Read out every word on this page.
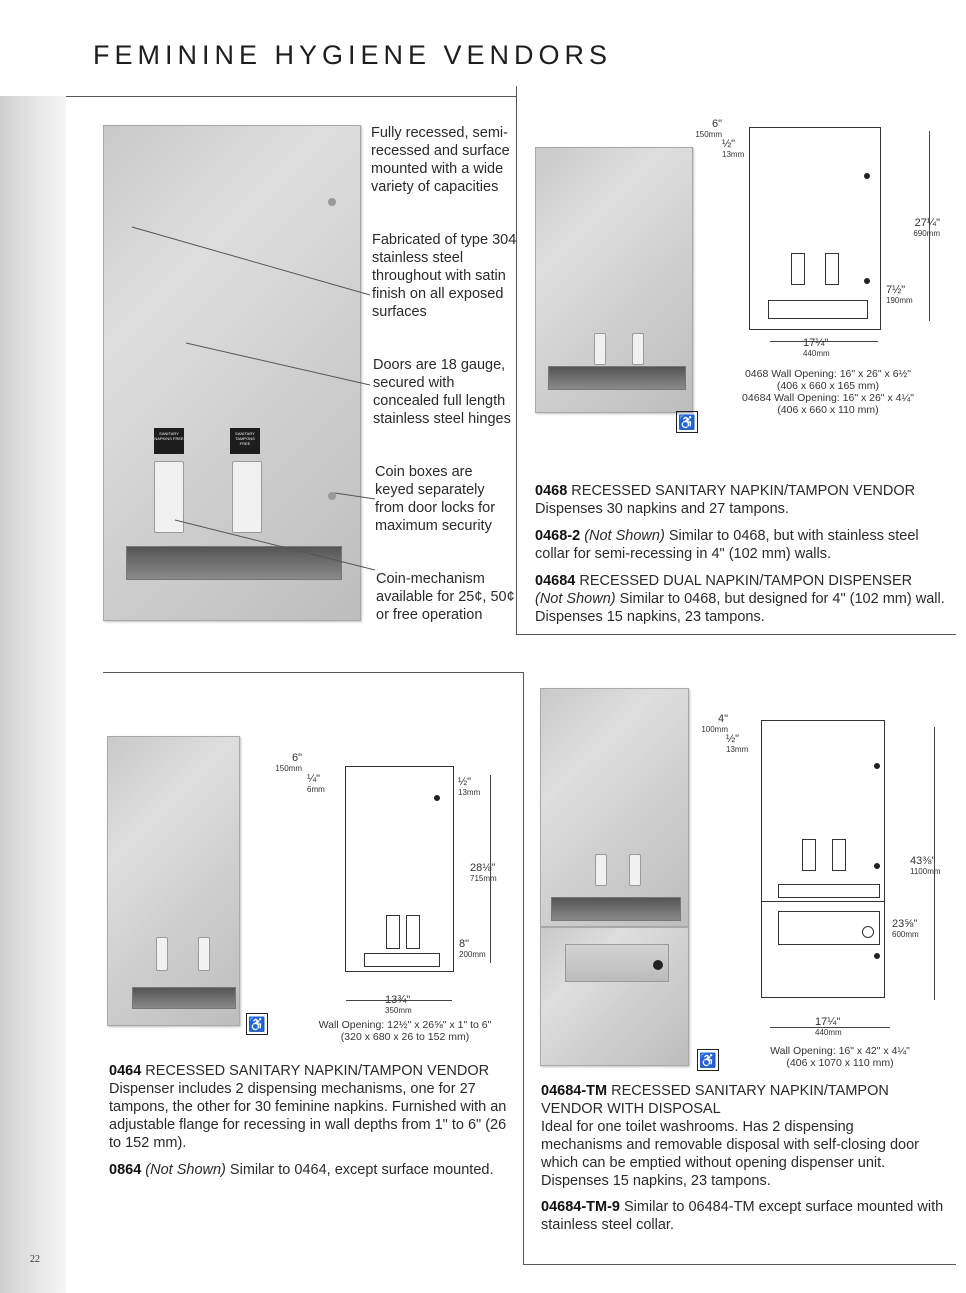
FEMININE HYGIENE VENDORS
SANITARY NAPKINS FREE
SANITARY TAMPONS FREE
Fully recessed, semi-recessed and surface mounted with a wide variety of capacities
Fabricated of type 304 stainless steel throughout with satin finish on all exposed surfaces
Doors are 18 gauge, secured with concealed full length stainless steel hinges
Coin boxes are keyed separately from door locks for maximum security
Coin-mechanism available for 25¢, 50¢ or free operation
♿
6"
150mm
½"
13mm
27¼"
690mm
7½"
190mm
17¼"
440mm
0468 Wall Opening: 16" x 26" x 6½"
(406 x 660 x 165 mm)
04684 Wall Opening: 16" x 26" x 4¼"
(406 x 660 x 110 mm)
0468 RECESSED SANITARY NAPKIN/TAMPON VENDOR
Dispenses 30 napkins and 27 tampons.
0468-2 (Not Shown) Similar to 0468, but with stainless steel collar for semi-recessing in 4" (102 mm) walls.
04684 RECESSED DUAL NAPKIN/TAMPON DISPENSER
(Not Shown) Similar to 0468, but designed for 4" (102 mm) wall. Dispenses 15 napkins, 23 tampons.
♿
6"
150mm
¼"
6mm
½"
13mm
28⅛"
715mm
8"
200mm
13¾"
350mm
Wall Opening: 12½" x 26⅝" x 1" to 6"
(320 x 680 x 26 to 152 mm)
0464 RECESSED SANITARY NAPKIN/TAMPON VENDOR
Dispenser includes 2 dispensing mechanisms, one for 27 tampons, the other for 30 feminine napkins. Furnished with an adjustable flange for recessing in wall depths from 1" to 6" (26 to 152 mm).
0864 (Not Shown) Similar to 0464, except surface mounted.
♿
4"
100mm
½"
13mm
43⅜"
1100mm
23⅝"
600mm
17¼"
440mm
Wall Opening: 16" x 42" x 4¼"
(406 x 1070 x 110 mm)
04684-TM RECESSED SANITARY NAPKIN/TAMPON VENDOR WITH DISPOSAL
Ideal for one toilet washrooms. Has 2 dispensing mechanisms and removable disposal with self-closing door which can be emptied without opening dispenser unit. Dispenses 15 napkins, 23 tampons.
04684-TM-9 Similar to 06484-TM except surface mounted with stainless steel collar.
22
